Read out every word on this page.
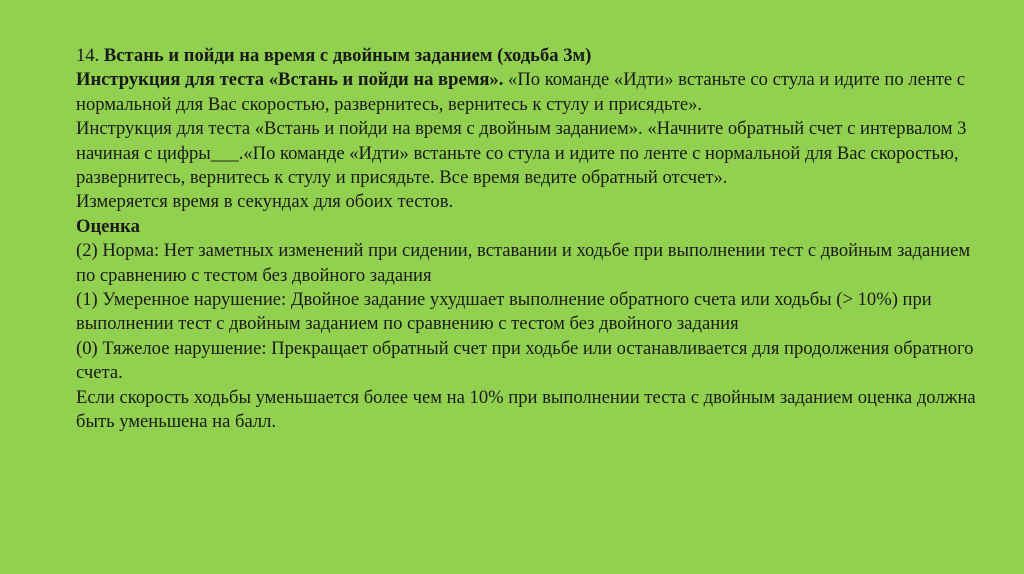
14. Встань и пойди на время с двойным заданием (ходьба 3м)

Инструкция для теста «Встань и пойди на время». «По команде «Идти» встаньте со стула и идите по ленте с нормальной для Вас скоростью, развернитесь, вернитесь к стулу и присядьте».

Инструкция для теста «Встань и пойди на время с двойным заданием». «Начните обратный счет с интервалом 3 начиная с цифры___.«По команде «Идти» встаньте со стула и идите по ленте с нормальной для Вас скоростью, развернитесь, вернитесь к стулу и присядьте. Все время ведите обратный отсчет».

Измеряется время в секундах для обоих тестов.

Оценка

(2) Норма: Нет заметных изменений при сидении, вставании и ходьбе при выполнении тест с двойным заданием по сравнению с тестом без двойного задания

(1) Умеренное нарушение: Двойное задание ухудшает выполнение обратного счета или ходьбы (> 10%) при выполнении тест с двойным заданием по сравнению с тестом без двойного задания

(0) Тяжелое нарушение: Прекращает обратный счет при ходьбе или останавливается для продолжения обратного счета.

Если скорость ходьбы уменьшается более чем на 10% при выполнении теста с двойным заданием оценка должна быть уменьшена на балл.
